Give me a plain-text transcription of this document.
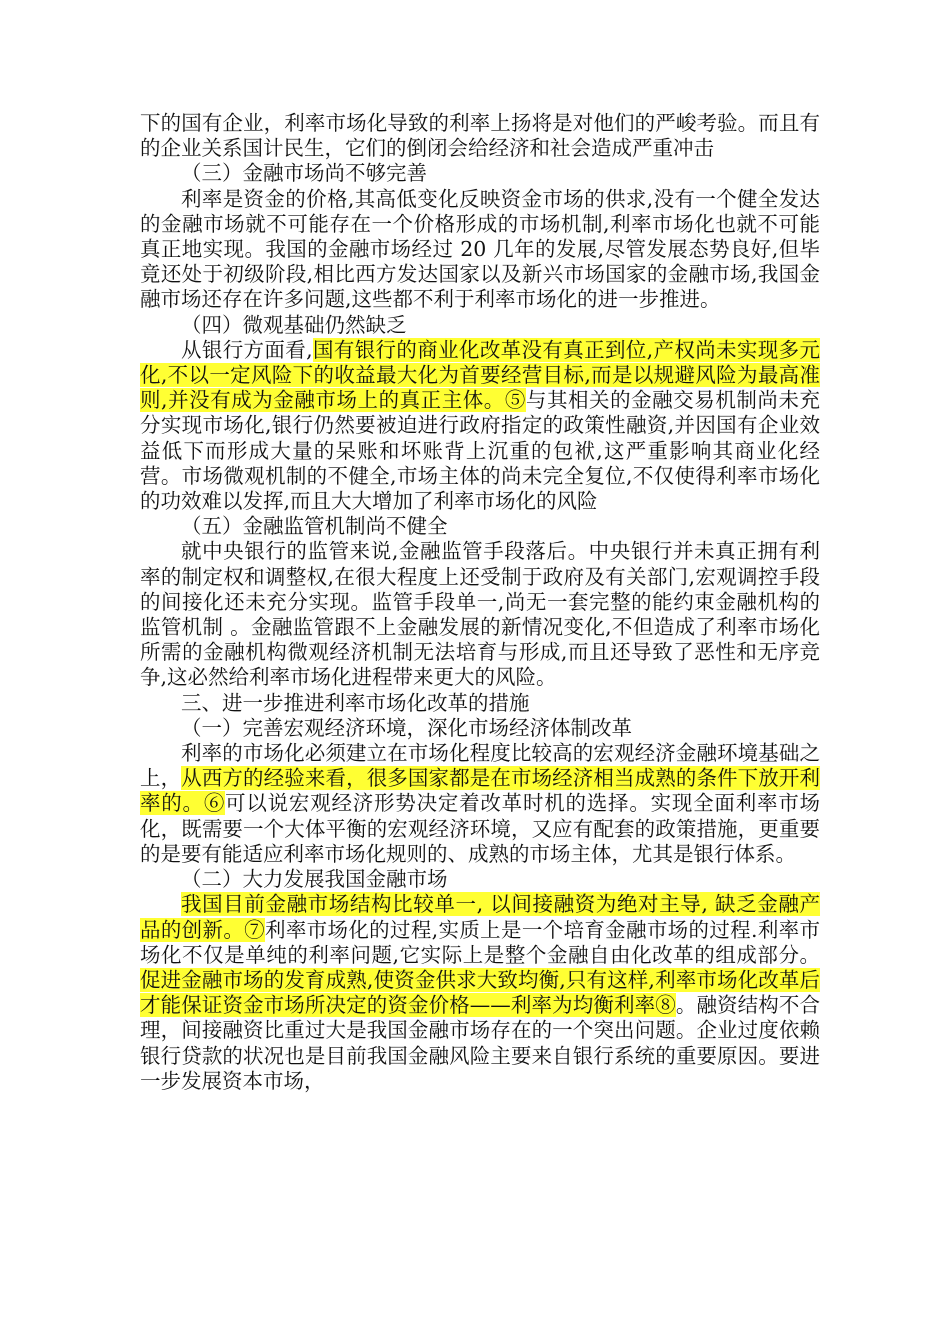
下的国有企业，利率市场化导致的利率上扬将是对他们的严峻考验。而且有的企业关系国计民生，它们的倒闭会给经济和社会造成严重冲击

（三）金融市场尚不够完善

利率是资金的价格,其高低变化反映资金市场的供求,没有一个健全发达的金融市场就不可能存在一个价格形成的市场机制,利率市场化也就不可能真正地实现。我国的金融市场经过 20 几年的发展,尽管发展态势良好,但毕竟还处于初级阶段,相比西方发达国家以及新兴市场国家的金融市场,我国金融市场还存在许多问题,这些都不利于利率市场化的进一步推进。

（四）微观基础仍然缺乏

从银行方面看,国有银行的商业化改革没有真正到位,产权尚未实现多元化,不以一定风险下的收益最大化为首要经营目标,而是以规避风险为最高准则,并没有成为金融市场上的真正主体。⑤与其相关的金融交易机制尚未充分实现市场化,银行仍然要被迫进行政府指定的政策性融资,并因国有企业效益低下而形成大量的呆账和坏账背上沉重的包袱,这严重影响其商业化经营。市场微观机制的不健全,市场主体的尚未完全复位,不仅使得利率市场化的功效难以发挥,而且大大增加了利率市场化的风险

（五）金融监管机制尚不健全

就中央银行的监管来说,金融监管手段落后。中央银行并未真正拥有利率的制定权和调整权,在很大程度上还受制于政府及有关部门,宏观调控手段的间接化还未充分实现。监管手段单一,尚无一套完整的能约束金融机构的监管机制 。金融监管跟不上金融发展的新情况变化,不但造成了利率市场化所需的金融机构微观经济机制无法培育与形成,而且还导致了恶性和无序竞争,这必然给利率市场化进程带来更大的风险。

三、进一步推进利率市场化改革的措施

（一）完善宏观经济环境，深化市场经济体制改革

利率的市场化必须建立在市场化程度比较高的宏观经济金融环境基础之上，从西方的经验来看，很多国家都是在市场经济相当成熟的条件下放开利率的。⑥可以说宏观经济形势决定着改革时机的选择。实现全面利率市场化，既需要一个大体平衡的宏观经济环境，又应有配套的政策措施，更重要的是要有能适应利率市场化规则的、成熟的市场主体，尤其是银行体系。

（二）大力发展我国金融市场

我国目前金融市场结构比较单一, 以间接融资为绝对主导, 缺乏金融产品的创新。⑦利率市场化的过程,实质上是一个培育金融市场的过程.利率市场化不仅是单纯的利率问题,它实际上是整个金融自由化改革的组成部分。促进金融市场的发育成熟,使资金供求大致均衡,只有这样,利率市场化改革后才能保证资金市场所决定的资金价格——利率为均衡利率⑧。融资结构不合理，间接融资比重过大是我国金融市场存在的一个突出问题。企业过度依赖银行贷款的状况也是目前我国金融风险主要来自银行系统的重要原因。要进一步发展资本市场，
